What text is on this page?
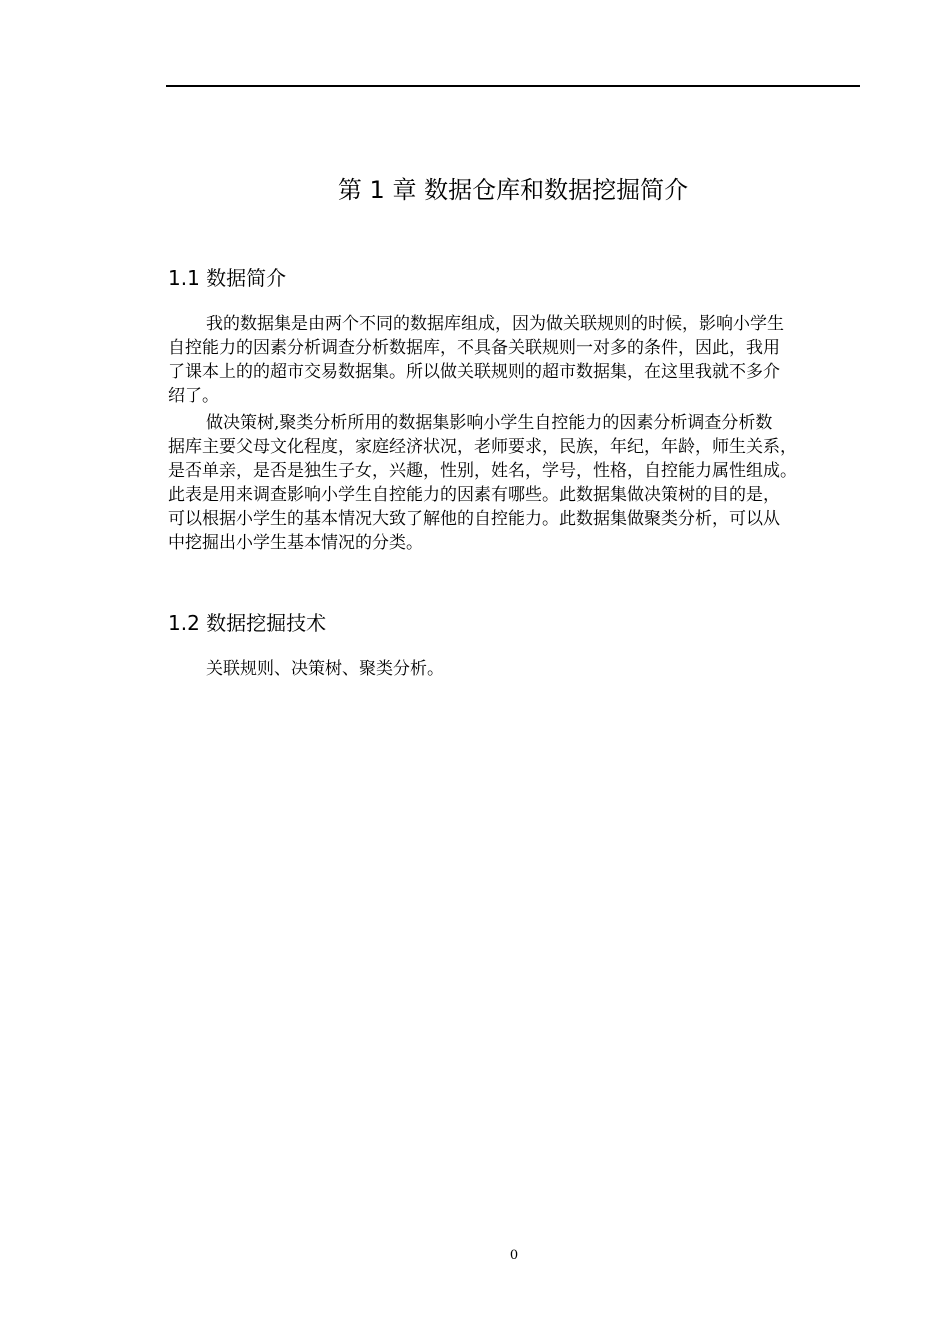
第 1 章 数据仓库和数据挖掘简介
1.1 数据简介
我的数据集是由两个不同的数据库组成，因为做关联规则的时候，影响小学生
自控能力的因素分析调查分析数据库，不具备关联规则一对多的条件，因此，我用
了课本上的的超市交易数据集。所以做关联规则的超市数据集，在这里我就不多介
绍了。
做决策树,聚类分析所用的数据集影响小学生自控能力的因素分析调查分析数
据库主要父母文化程度，家庭经济状况，老师要求，民族，年纪，年龄，师生关系，
是否单亲，是否是独生子女，兴趣，性别，姓名，学号，性格，自控能力属性组成。
此表是用来调查影响小学生自控能力的因素有哪些。此数据集做决策树的目的是，
可以根据小学生的基本情况大致了解他的自控能力。此数据集做聚类分析，可以从
中挖掘出小学生基本情况的分类。
1.2 数据挖掘技术
关联规则、决策树、聚类分析。
0
